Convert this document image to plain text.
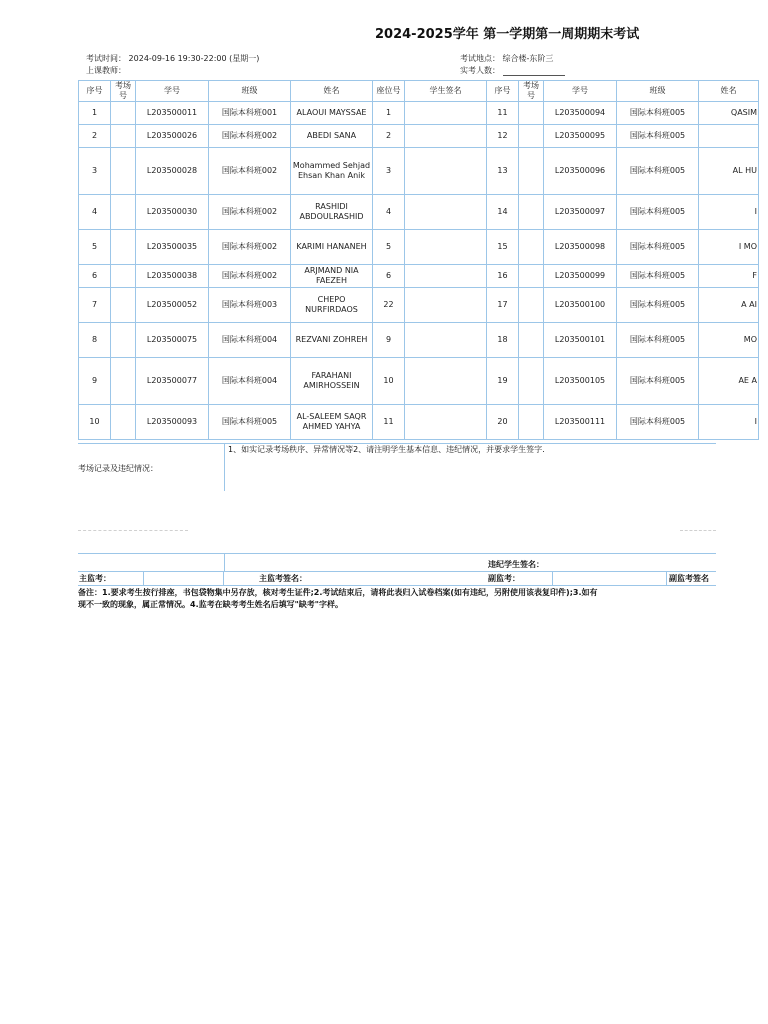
2024-2025学年 第一学期第一周期期末考试
考试时间： 2024-09-16 19:30-22:00 (星期一)
上课教师：
考试地点： 综合楼-东阶三
实考人数：
序号	考场号	学号	班级	姓名	座位号	学生签名	序号	考场号	学号	班级	姓名
1		L203500011	国际本科班001	ALAOUI MAYSSAE	1		11		L203500094	国际本科班005	QASIM
2		L203500026	国际本科班002	ABEDI SANA	2		12		L203500095	国际本科班005	
3		L203500028	国际本科班002	Mohammed Sehjad Ehsan Khan Anik	3		13		L203500096	国际本科班005	AL HU
4		L203500030	国际本科班002	RASHIDI ABDOULRASHID	4		14		L203500097	国际本科班005	I
5		L203500035	国际本科班002	KARIMI HANANEH	5		15		L203500098	国际本科班005	I MO
6		L203500038	国际本科班002	ARJMAND NIA FAEZEH	6		16		L203500099	国际本科班005	F
7		L203500052	国际本科班003	CHEPO NURFIRDAOS	22		17		L203500100	国际本科班005	A AI
8		L203500075	国际本科班004	REZVANI ZOHREH	9		18		L203500101	国际本科班005	MO
9		L203500077	国际本科班004	FARAHANI AMIRHOSSEIN	10		19		L203500105	国际本科班005	AE A
10		L203500093	国际本科班005	AL-SALEEM SAQR AHMED YAHYA	11		20		L203500111	国际本科班005	I
考场记录及违纪情况：
1、如实记录考场秩序、异常情况等2、请注明学生基本信息、违纪情况，并要求学生签字.
违纪学生签名：
主监考：	主监考签名：	副监考：	副监考签名
备注：1.要求考生按行排座，书包袋物集中另存放，核对考生证件;2.考试结束后，请将此表归入试卷档案(如有违纪，另附使用该表复印件);3.如有
现不一致的现象，属正常情况。4.监考在缺考考生姓名后填写"缺考"字样。
